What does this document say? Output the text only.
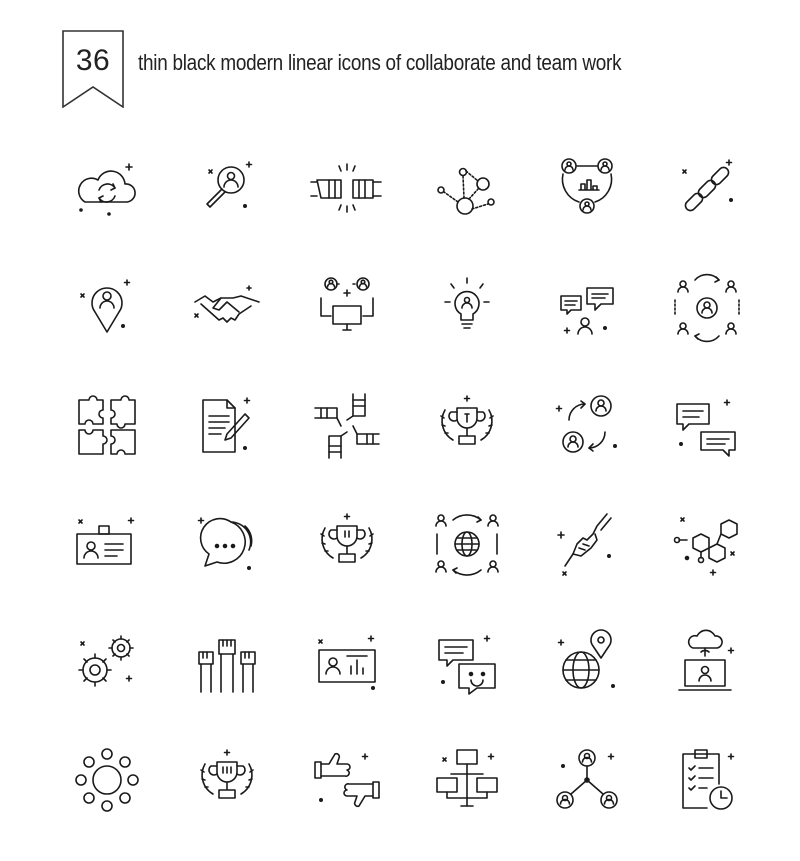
36	thin black modern linear icons of collaborate and team work
